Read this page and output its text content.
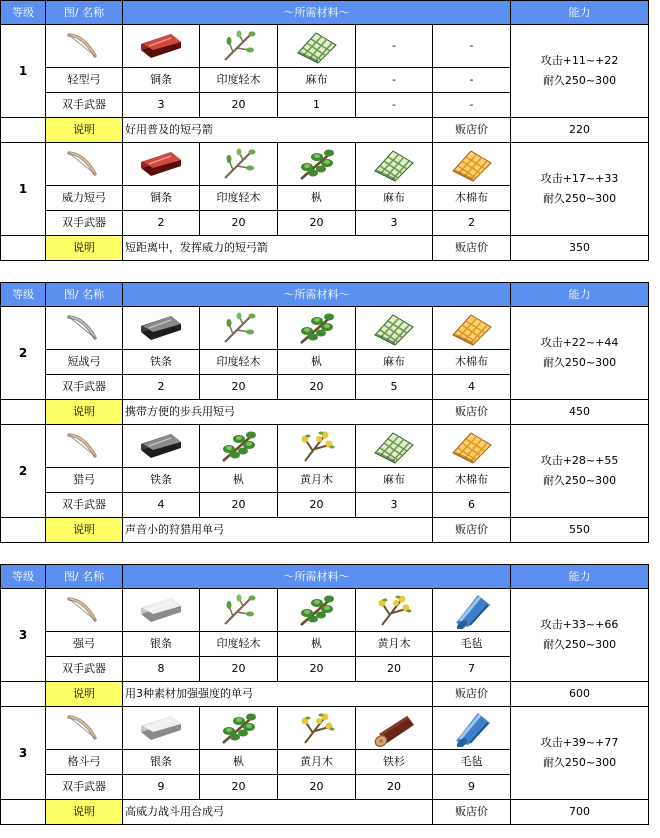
等级	图/ 名称	～所需材料～					能力
1					-	-	攻击+11~+22
耐久250~300

	轻型弓	铜条	印度轻木	麻布	-	-	
	双手武器	3	20	1	-	-	
	说明	好用普及的短弓箭				贩店价	220
1							攻击+17~+33
耐久250~300

	威力短弓	铜条	印度轻木	枞	麻布	木棉布	
	双手武器	2	20	20	3	2	
	说明	短距离中，发挥威力的短弓箭				贩店价	350
等级	图/ 名称	～所需材料～					能力
2							攻击+22~+44
耐久250~300

	短战弓	铁条	印度轻木	枞	麻布	木棉布	
	双手武器	2	20	20	5	4	
	说明	携带方便的步兵用短弓				贩店价	450
2							攻击+28~+55
耐久250~300

	猎弓	铁条	枞	黄月木	麻布	木棉布	
	双手武器	4	20	20	3	6	
	说明	声音小的狩猎用单弓				贩店价	550
等级	图/ 名称	～所需材料～					能力
3							攻击+33~+66
耐久250~300

	强弓	银条	印度轻木	枞	黄月木	毛毡	
	双手武器	8	20	20	20	7	
	说明	用3种素材加强强度的单弓				贩店价	600
3							攻击+39~+77
耐久250~300

	格斗弓	银条	枞	黄月木	铁杉	毛毡	
	双手武器	9	20	20	20	9	
	说明	高威力战斗用合成弓				贩店价	700
